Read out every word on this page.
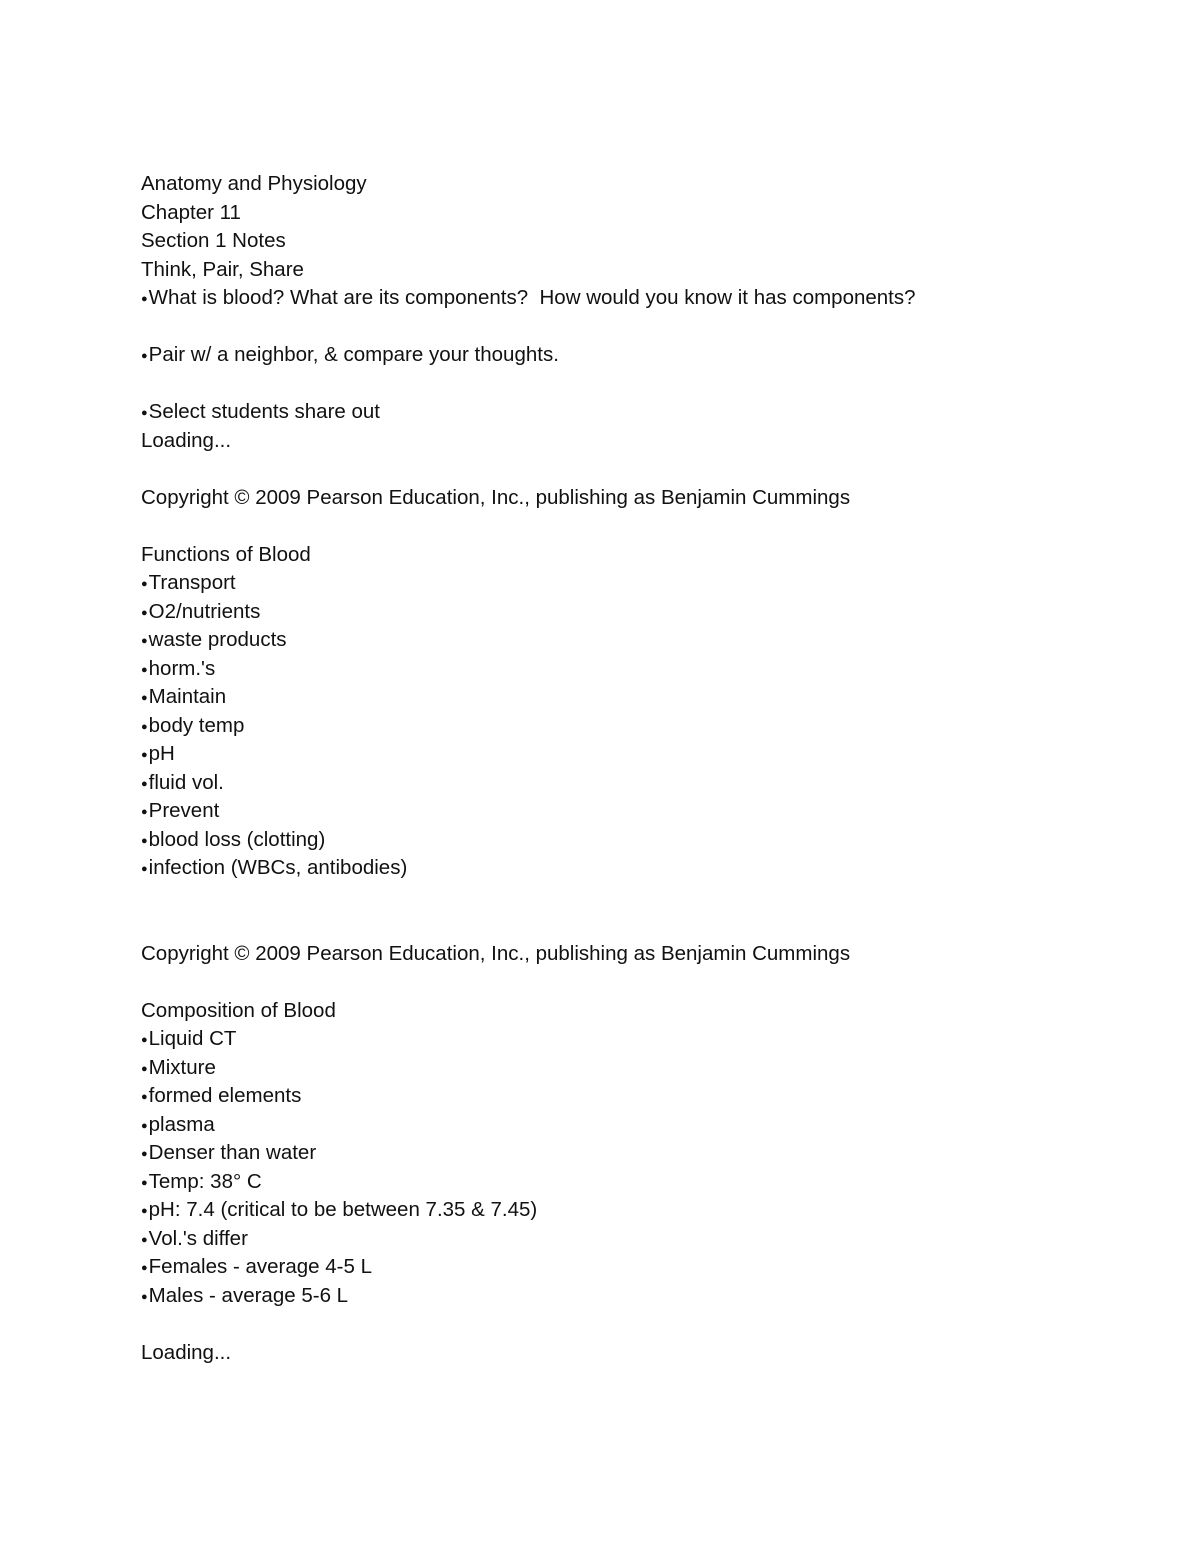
Anatomy and Physiology
Chapter 11
Section 1 Notes
Think, Pair, Share
● What is blood? What are its components?  How would you know it has components?
● Pair w/ a neighbor, & compare your thoughts.
● Select students share out
Loading...
Copyright © 2009 Pearson Education, Inc., publishing as Benjamin Cummings
Functions of Blood
● Transport
● O2/nutrients
● waste products
● horm.'s
● Maintain
● body temp
● pH
● fluid vol.
● Prevent
● blood loss (clotting)
● infection (WBCs, antibodies)
Copyright © 2009 Pearson Education, Inc., publishing as Benjamin Cummings
Composition of Blood
● Liquid CT
● Mixture
● formed elements
● plasma
● Denser than water
● Temp: 38° C
● pH: 7.4 (critical to be between 7.35 & 7.45)
● Vol.'s differ
● Females - average 4-5 L
● Males - average 5-6 L
Loading...
